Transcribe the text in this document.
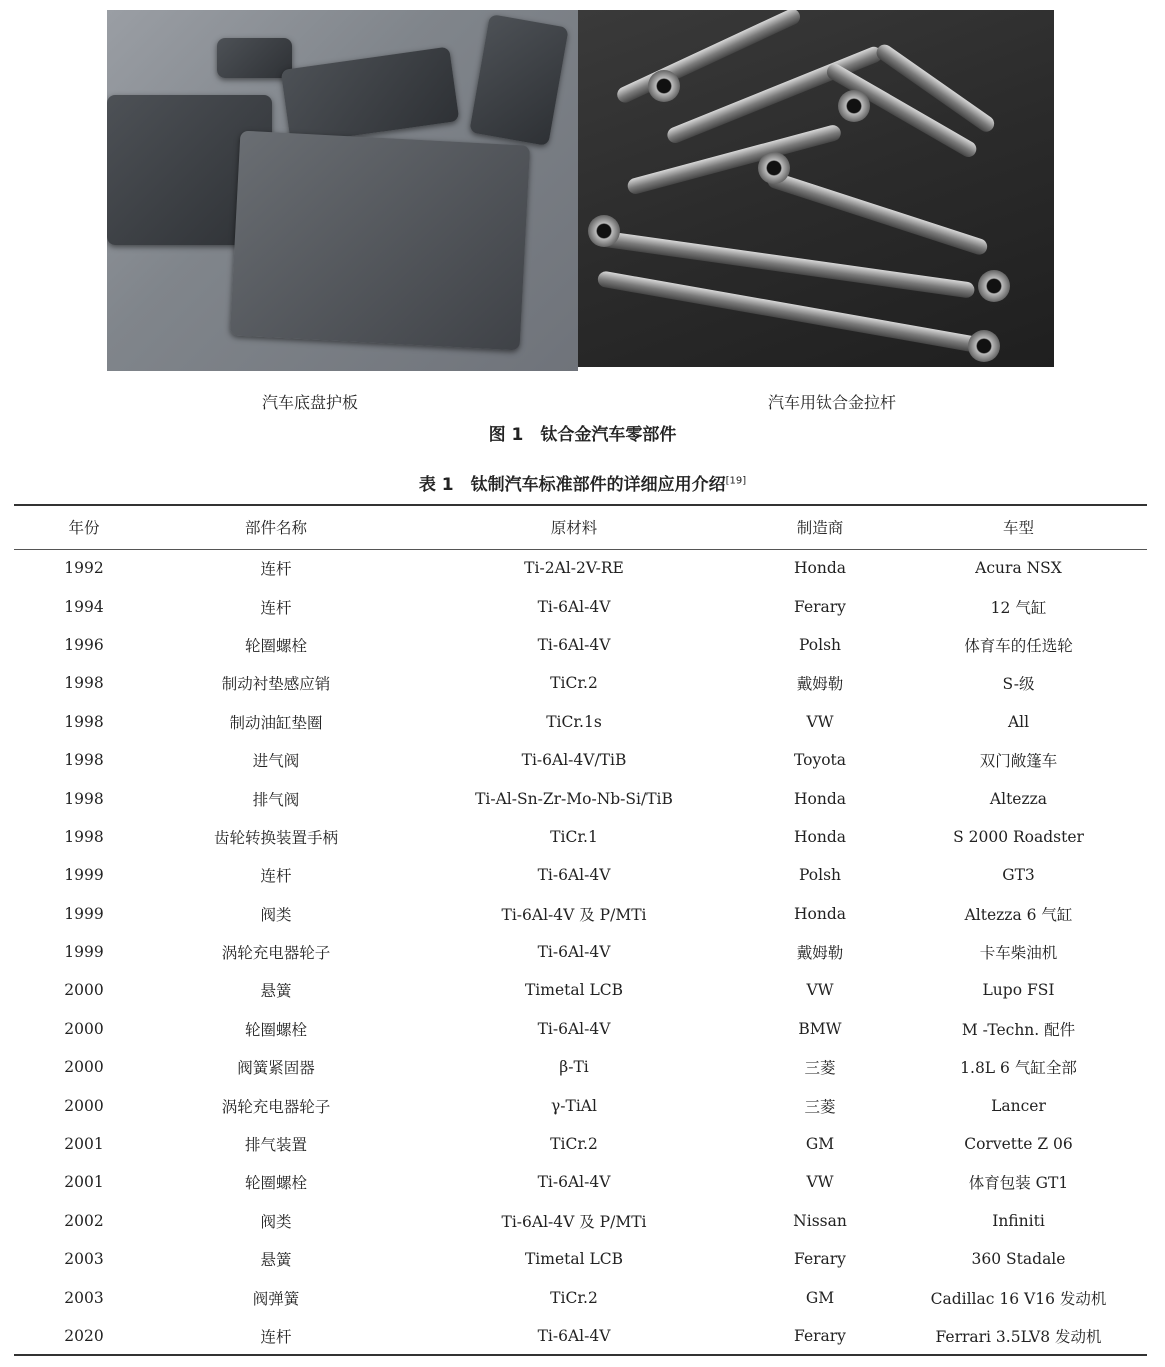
汽车底盘护板	汽车用钛合金拉杆
图 1　钛合金汽车零部件
表 1　钛制汽车标准部件的详细应用介绍[19]
年份	部件名称	原材料	制造商	车型
1992	连杆	Ti-2Al-2V-RE	Honda	Acura NSX
1994	连杆	Ti-6Al-4V	Ferary	12 气缸
1996	轮圈螺栓	Ti-6Al-4V	Polsh	体育车的任选轮
1998	制动衬垫感应销	TiCr.2	戴姆勒	S-级
1998	制动油缸垫圈	TiCr.1s	VW	All
1998	进气阀	Ti-6Al-4V/TiB	Toyota	双门敞篷车
1998	排气阀	Ti-Al-Sn-Zr-Mo-Nb-Si/TiB	Honda	Altezza
1998	齿轮转换装置手柄	TiCr.1	Honda	S 2000 Roadster
1999	连杆	Ti-6Al-4V	Polsh	GT3
1999	阀类	Ti-6Al-4V 及 P/MTi	Honda	Altezza 6 气缸
1999	涡轮充电器轮子	Ti-6Al-4V	戴姆勒	卡车柴油机
2000	悬簧	Timetal LCB	VW	Lupo FSI
2000	轮圈螺栓	Ti-6Al-4V	BMW	M -Techn. 配件
2000	阀簧紧固器	β-Ti	三菱	1.8L 6 气缸全部
2000	涡轮充电器轮子	γ-TiAl	三菱	Lancer
2001	排气装置	TiCr.2	GM	Corvette Z 06
2001	轮圈螺栓	Ti-6Al-4V	VW	体育包装 GT1
2002	阀类	Ti-6Al-4V 及 P/MTi	Nissan	Infiniti
2003	悬簧	Timetal LCB	Ferary	360 Stadale
2003	阀弹簧	TiCr.2	GM	Cadillac 16 V16 发动机
2020	连杆	Ti-6Al-4V	Ferary	Ferrari 3.5LV8 发动机
